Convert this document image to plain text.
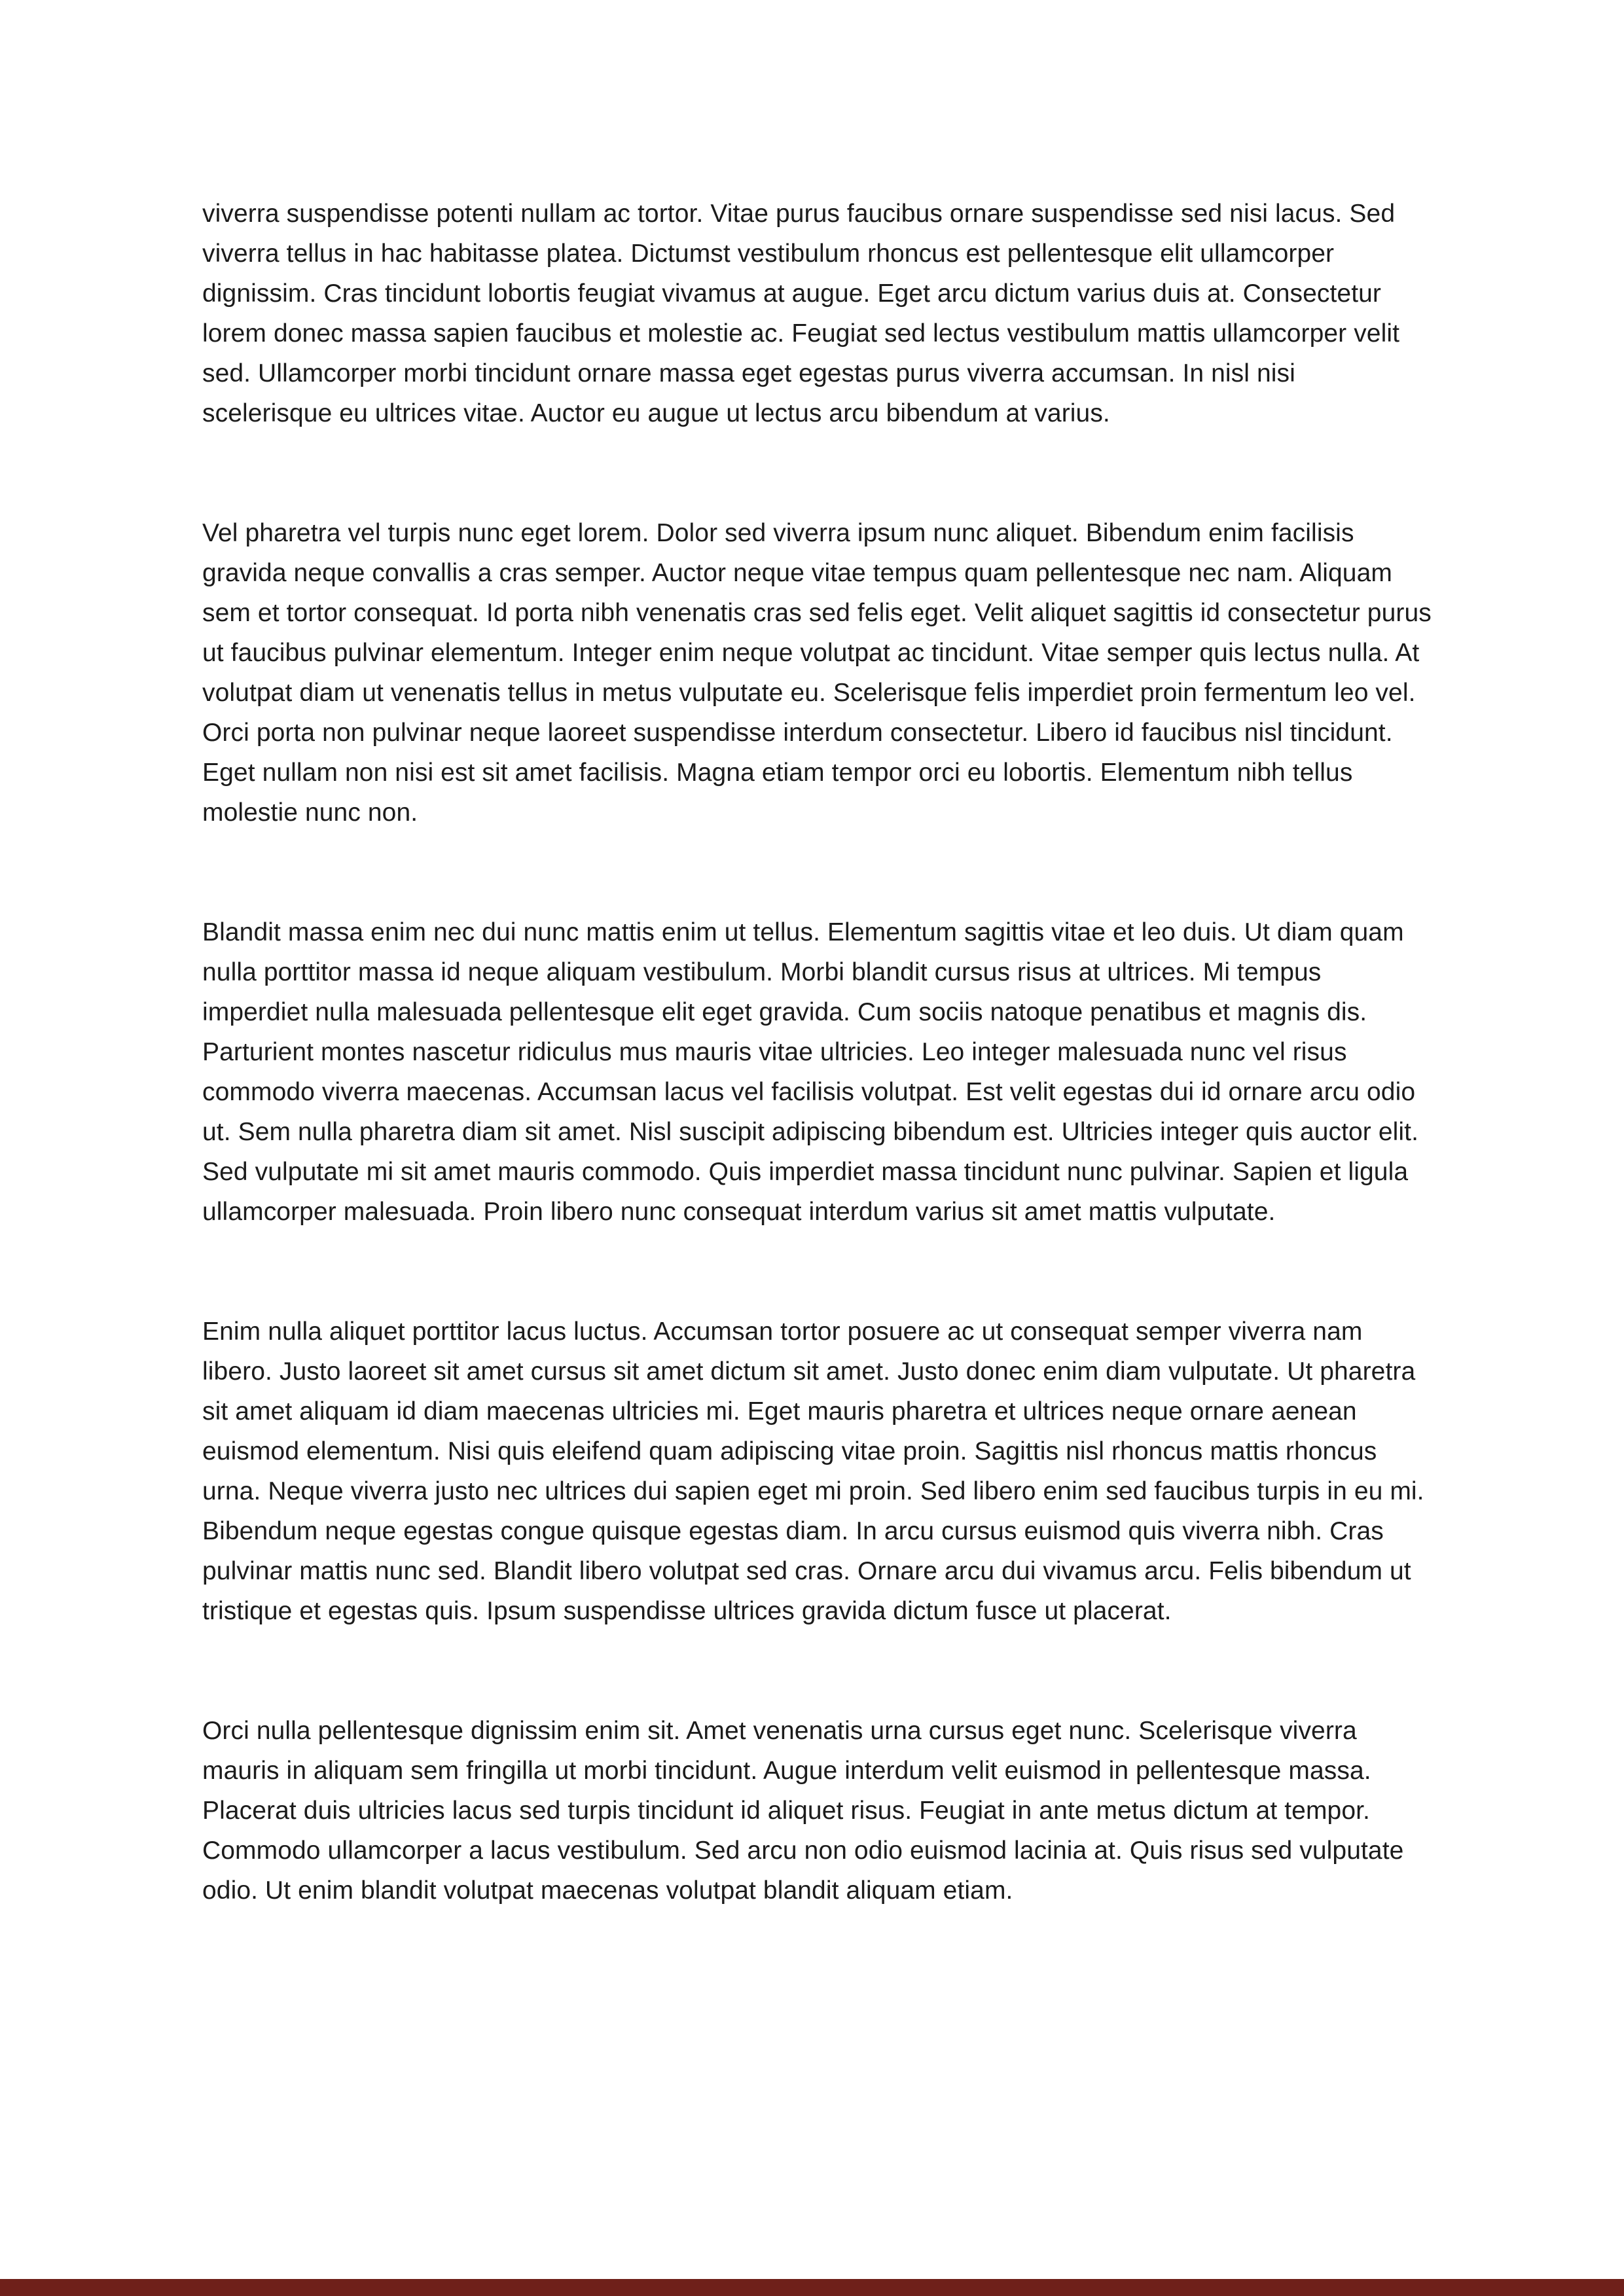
viverra suspendisse potenti nullam ac tortor. Vitae purus faucibus ornare suspendisse sed nisi lacus. Sed viverra tellus in hac habitasse platea. Dictumst vestibulum rhoncus est pellentesque elit ullamcorper dignissim. Cras tincidunt lobortis feugiat vivamus at augue. Eget arcu dictum varius duis at. Consectetur lorem donec massa sapien faucibus et molestie ac. Feugiat sed lectus vestibulum mattis ullamcorper velit sed. Ullamcorper morbi tincidunt ornare massa eget egestas purus viverra accumsan. In nisl nisi scelerisque eu ultrices vitae. Auctor eu augue ut lectus arcu bibendum at varius.

Vel pharetra vel turpis nunc eget lorem. Dolor sed viverra ipsum nunc aliquet. Bibendum enim facilisis gravida neque convallis a cras semper. Auctor neque vitae tempus quam pellentesque nec nam. Aliquam sem et tortor consequat. Id porta nibh venenatis cras sed felis eget. Velit aliquet sagittis id consectetur purus ut faucibus pulvinar elementum. Integer enim neque volutpat ac tincidunt. Vitae semper quis lectus nulla. At volutpat diam ut venenatis tellus in metus vulputate eu. Scelerisque felis imperdiet proin fermentum leo vel. Orci porta non pulvinar neque laoreet suspendisse interdum consectetur. Libero id faucibus nisl tincidunt. Eget nullam non nisi est sit amet facilisis. Magna etiam tempor orci eu lobortis. Elementum nibh tellus molestie nunc non.

Blandit massa enim nec dui nunc mattis enim ut tellus. Elementum sagittis vitae et leo duis. Ut diam quam nulla porttitor massa id neque aliquam vestibulum. Morbi blandit cursus risus at ultrices. Mi tempus imperdiet nulla malesuada pellentesque elit eget gravida. Cum sociis natoque penatibus et magnis dis. Parturient montes nascetur ridiculus mus mauris vitae ultricies. Leo integer malesuada nunc vel risus commodo viverra maecenas. Accumsan lacus vel facilisis volutpat. Est velit egestas dui id ornare arcu odio ut. Sem nulla pharetra diam sit amet. Nisl suscipit adipiscing bibendum est. Ultricies integer quis auctor elit. Sed vulputate mi sit amet mauris commodo. Quis imperdiet massa tincidunt nunc pulvinar. Sapien et ligula ullamcorper malesuada. Proin libero nunc consequat interdum varius sit amet mattis vulputate.

Enim nulla aliquet porttitor lacus luctus. Accumsan tortor posuere ac ut consequat semper viverra nam libero. Justo laoreet sit amet cursus sit amet dictum sit amet. Justo donec enim diam vulputate. Ut pharetra sit amet aliquam id diam maecenas ultricies mi. Eget mauris pharetra et ultrices neque ornare aenean euismod elementum. Nisi quis eleifend quam adipiscing vitae proin. Sagittis nisl rhoncus mattis rhoncus urna. Neque viverra justo nec ultrices dui sapien eget mi proin. Sed libero enim sed faucibus turpis in eu mi. Bibendum neque egestas congue quisque egestas diam. In arcu cursus euismod quis viverra nibh. Cras pulvinar mattis nunc sed. Blandit libero volutpat sed cras. Ornare arcu dui vivamus arcu. Felis bibendum ut tristique et egestas quis. Ipsum suspendisse ultrices gravida dictum fusce ut placerat.

Orci nulla pellentesque dignissim enim sit. Amet venenatis urna cursus eget nunc. Scelerisque viverra mauris in aliquam sem fringilla ut morbi tincidunt. Augue interdum velit euismod in pellentesque massa. Placerat duis ultricies lacus sed turpis tincidunt id aliquet risus. Feugiat in ante metus dictum at tempor. Commodo ullamcorper a lacus vestibulum. Sed arcu non odio euismod lacinia at. Quis risus sed vulputate odio. Ut enim blandit volutpat maecenas volutpat blandit aliquam etiam.
